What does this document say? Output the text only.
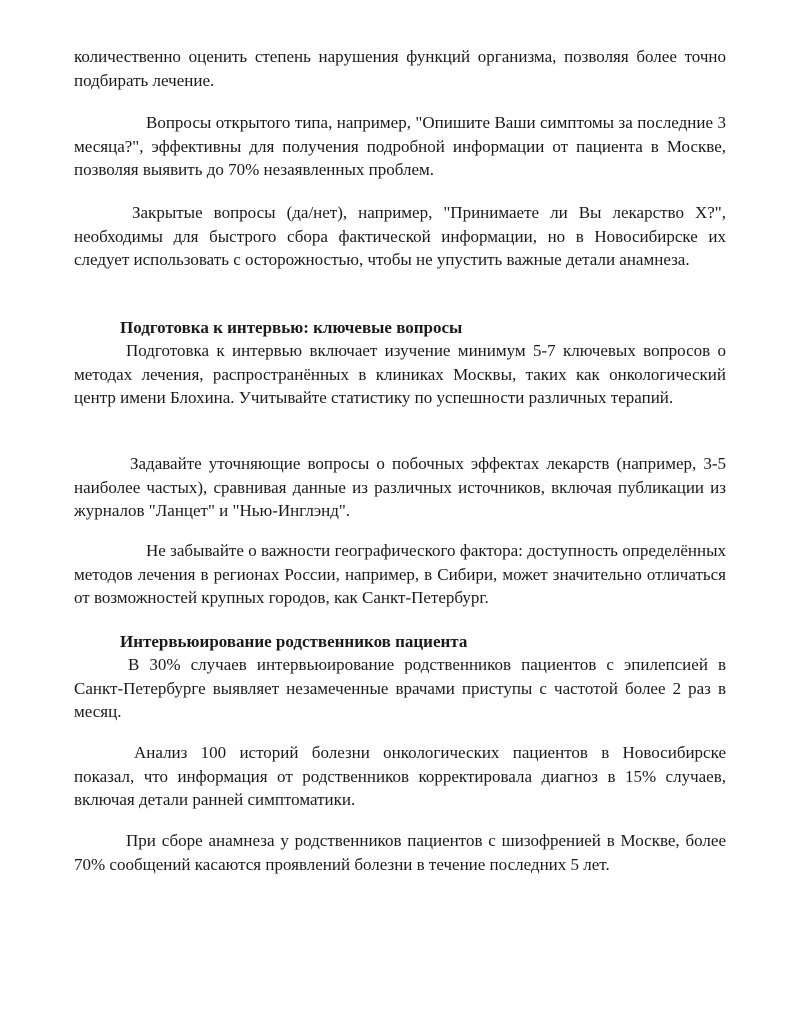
количественно оценить степень нарушения функций организма, позволяя более точно подбирать лечение.

Вопросы открытого типа, например, "Опишите Ваши симптомы за последние 3 месяца?", эффективны для получения подробной информации от пациента в Москве, позволяя выявить до 70% незаявленных проблем.

Закрытые вопросы (да/нет), например, "Принимаете ли Вы лекарство X?", необходимы для быстрого сбора фактической информации, но в Новосибирске их следует использовать с осторожностью, чтобы не упустить важные детали анамнеза.

Подготовка к интервью: ключевые вопросы

Подготовка к интервью включает изучение минимум 5-7 ключевых вопросов о методах лечения, распространённых в клиниках Москвы, таких как онкологический центр имени Блохина. Учитывайте статистику по успешности различных терапий.

Задавайте уточняющие вопросы о побочных эффектах лекарств (например, 3-5 наиболее частых), сравнивая данные из различных источников, включая публикации из журналов "Ланцет" и "Нью-Инглэнд".

Не забывайте о важности географического фактора: доступность определённых методов лечения в регионах России, например, в Сибири, может значительно отличаться от возможностей крупных городов, как Санкт-Петербург.

Интервьюирование родственников пациента

В 30% случаев интервьюирование родственников пациентов с эпилепсией в Санкт-Петербурге выявляет незамеченные врачами приступы с частотой более 2 раз в месяц.

Анализ 100 историй болезни онкологических пациентов в Новосибирске показал, что информация от родственников корректировала диагноз в 15% случаев, включая детали ранней симптоматики.

При сборе анамнеза у родственников пациентов с шизофренией в Москве, более 70% сообщений касаются проявлений болезни в течение последних 5 лет.
